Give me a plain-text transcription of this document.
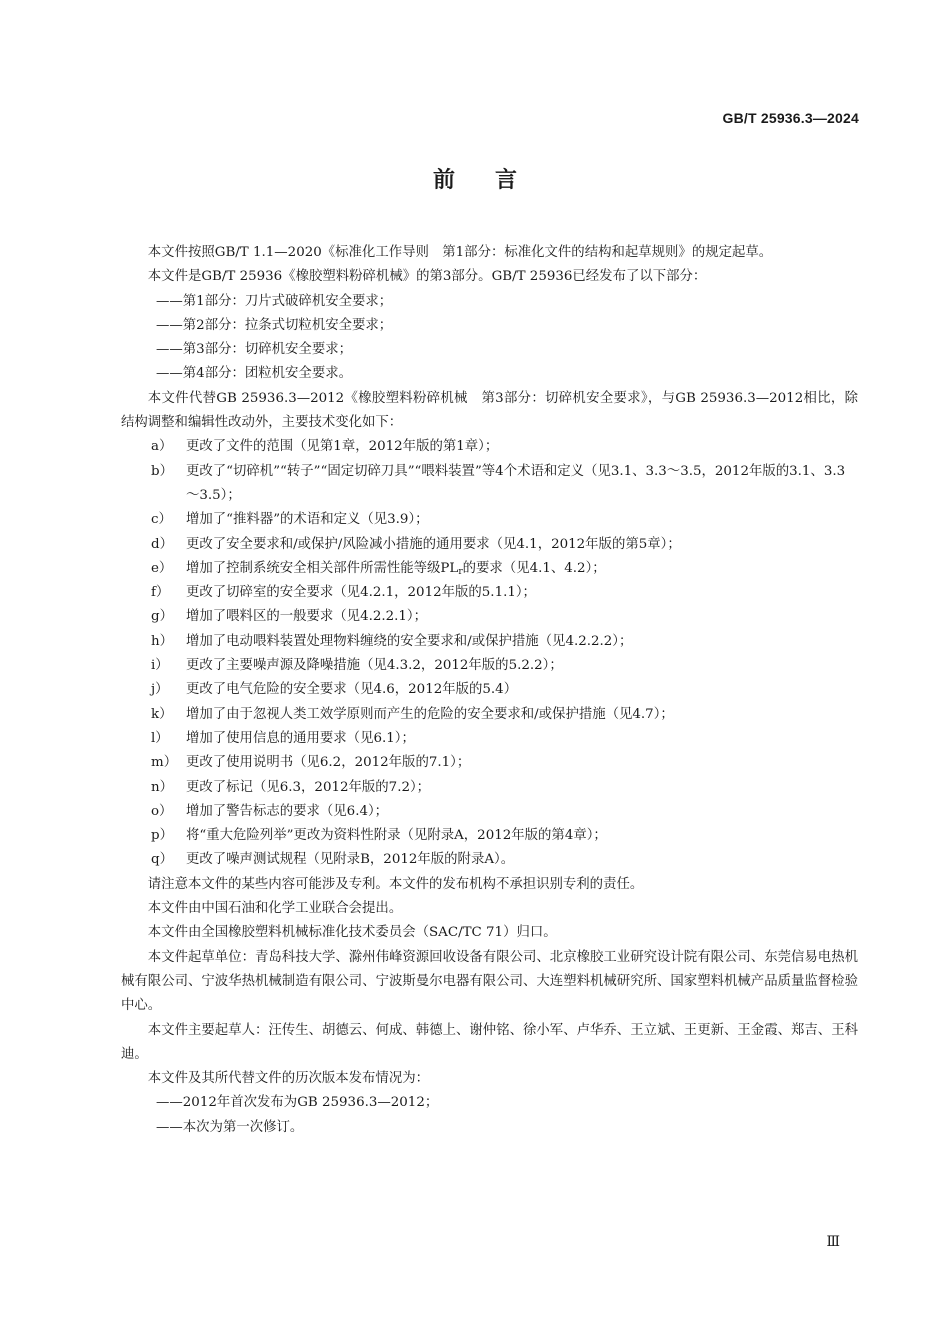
GB/T 25936.3—2024
前言

本文件按照GB/T 1.1—2020《标准化工作导则　第1部分：标准化文件的结构和起草规则》的规定起草。

本文件是GB/T 25936《橡胶塑料粉碎机械》的第3部分。GB/T 25936已经发布了以下部分：

——第1部分：刀片式破碎机安全要求；

——第2部分：拉条式切粒机安全要求；

——第3部分：切碎机安全要求；

——第4部分：团粒机安全要求。

本文件代替GB 25936.3—2012《橡胶塑料粉碎机械　第3部分：切碎机安全要求》，与GB 25936.3—2012相比，除结构调整和编辑性改动外，主要技术变化如下：

a） 更改了文件的范围（见第1章，2012年版的第1章）；

b） 更改了“切碎机”“转子”“固定切碎刀具”“喂料装置”等4个术语和定义（见3.1、3.3～3.5，2012年版的3.1、3.3～3.5）；

c） 增加了“推料器”的术语和定义（见3.9）；

d） 更改了安全要求和/或保护/风险减小措施的通用要求（见4.1，2012年版的第5章）；

e） 增加了控制系统安全相关部件所需性能等级$PL_r$的要求（见4.1、4.2）；

f） 更改了切碎室的安全要求（见4.2.1，2012年版的5.1.1）；

g） 增加了喂料区的一般要求（见4.2.2.1）；

h） 增加了电动喂料装置处理物料缠绕的安全要求和/或保护措施（见4.2.2.2）；

i） 更改了主要噪声源及降噪措施（见4.3.2，2012年版的5.2.2）；

j） 更改了电气危险的安全要求（见4.6，2012年版的5.4）

k） 增加了由于忽视人类工效学原则而产生的危险的安全要求和/或保护措施（见4.7）；

l） 增加了使用信息的通用要求（见6.1）；

m） 更改了使用说明书（见6.2，2012年版的7.1）；

n） 更改了标记（见6.3，2012年版的7.2）；

o） 增加了警告标志的要求（见6.4）；

p） 将“重大危险列举”更改为资料性附录（见附录A，2012年版的第4章）；

q） 更改了噪声测试规程（见附录B，2012年版的附录A）。

请注意本文件的某些内容可能涉及专利。本文件的发布机构不承担识别专利的责任。

本文件由中国石油和化学工业联合会提出。

本文件由全国橡胶塑料机械标准化技术委员会（SAC/TC 71）归口。

本文件起草单位：青岛科技大学、滁州伟峰资源回收设备有限公司、北京橡胶工业研究设计院有限公司、东莞信易电热机械有限公司、宁波华热机械制造有限公司、宁波斯曼尔电器有限公司、大连塑料机械研究所、国家塑料机械产品质量监督检验中心。

本文件主要起草人：汪传生、胡德云、何成、韩德上、谢仲铭、徐小军、卢华乔、王立斌、王更新、王金霞、郑吉、王科迪。

本文件及其所代替文件的历次版本发布情况为：

——2012年首次发布为GB 25936.3—2012；

——本次为第一次修订。

Ⅲ
